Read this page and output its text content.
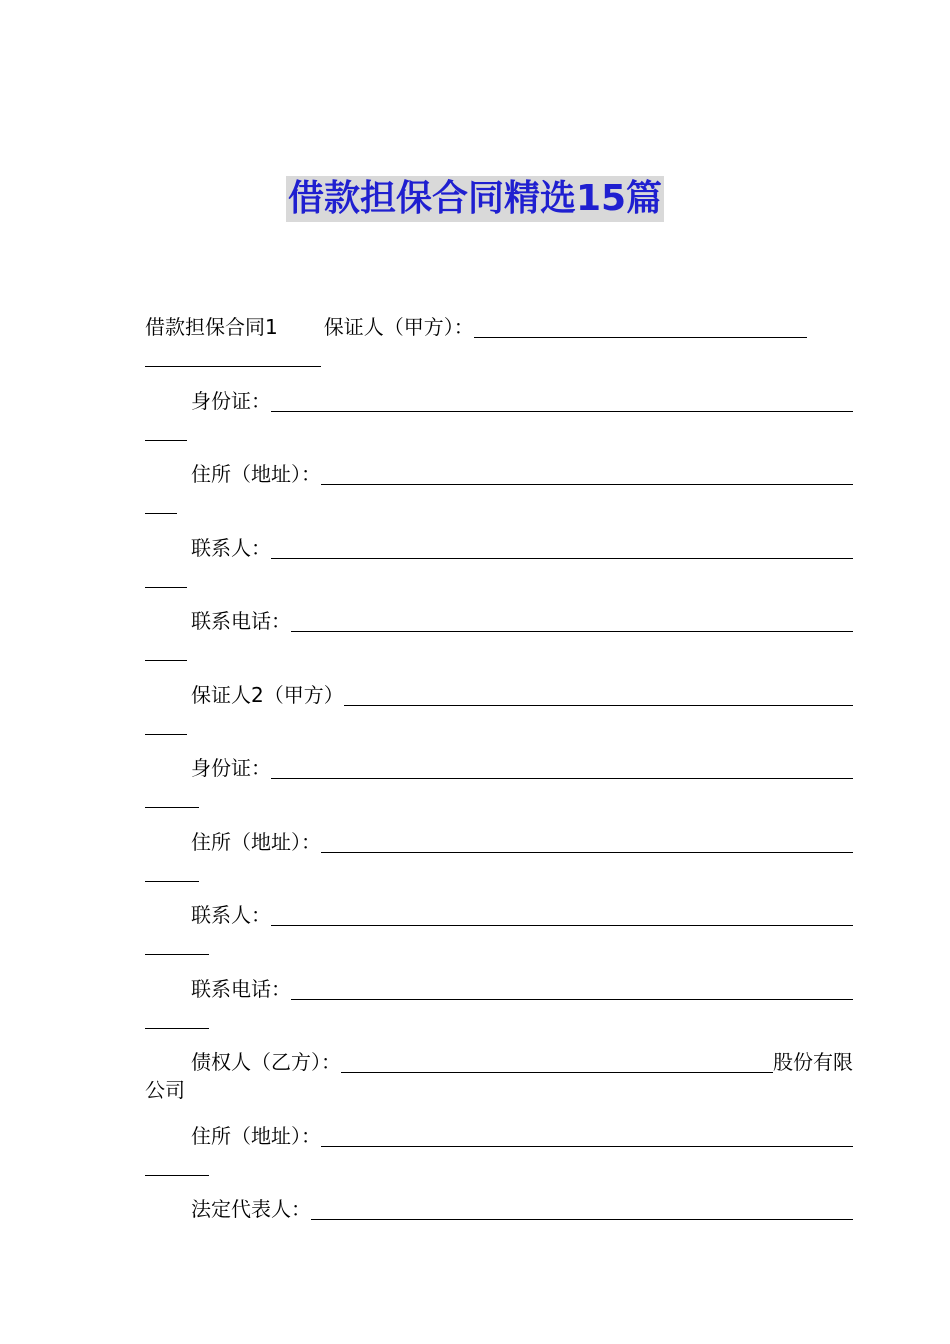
借款担保合同精选15篇
借款担保合同1 保证人（甲方）：
身份证：
住所（地址）：
联系人：
联系电话：
保证人2（甲方）
身份证：
住所（地址）：
联系人：
联系电话：
债权人（乙方）：	股份有限
公司
住所（地址）：
法定代表人：
